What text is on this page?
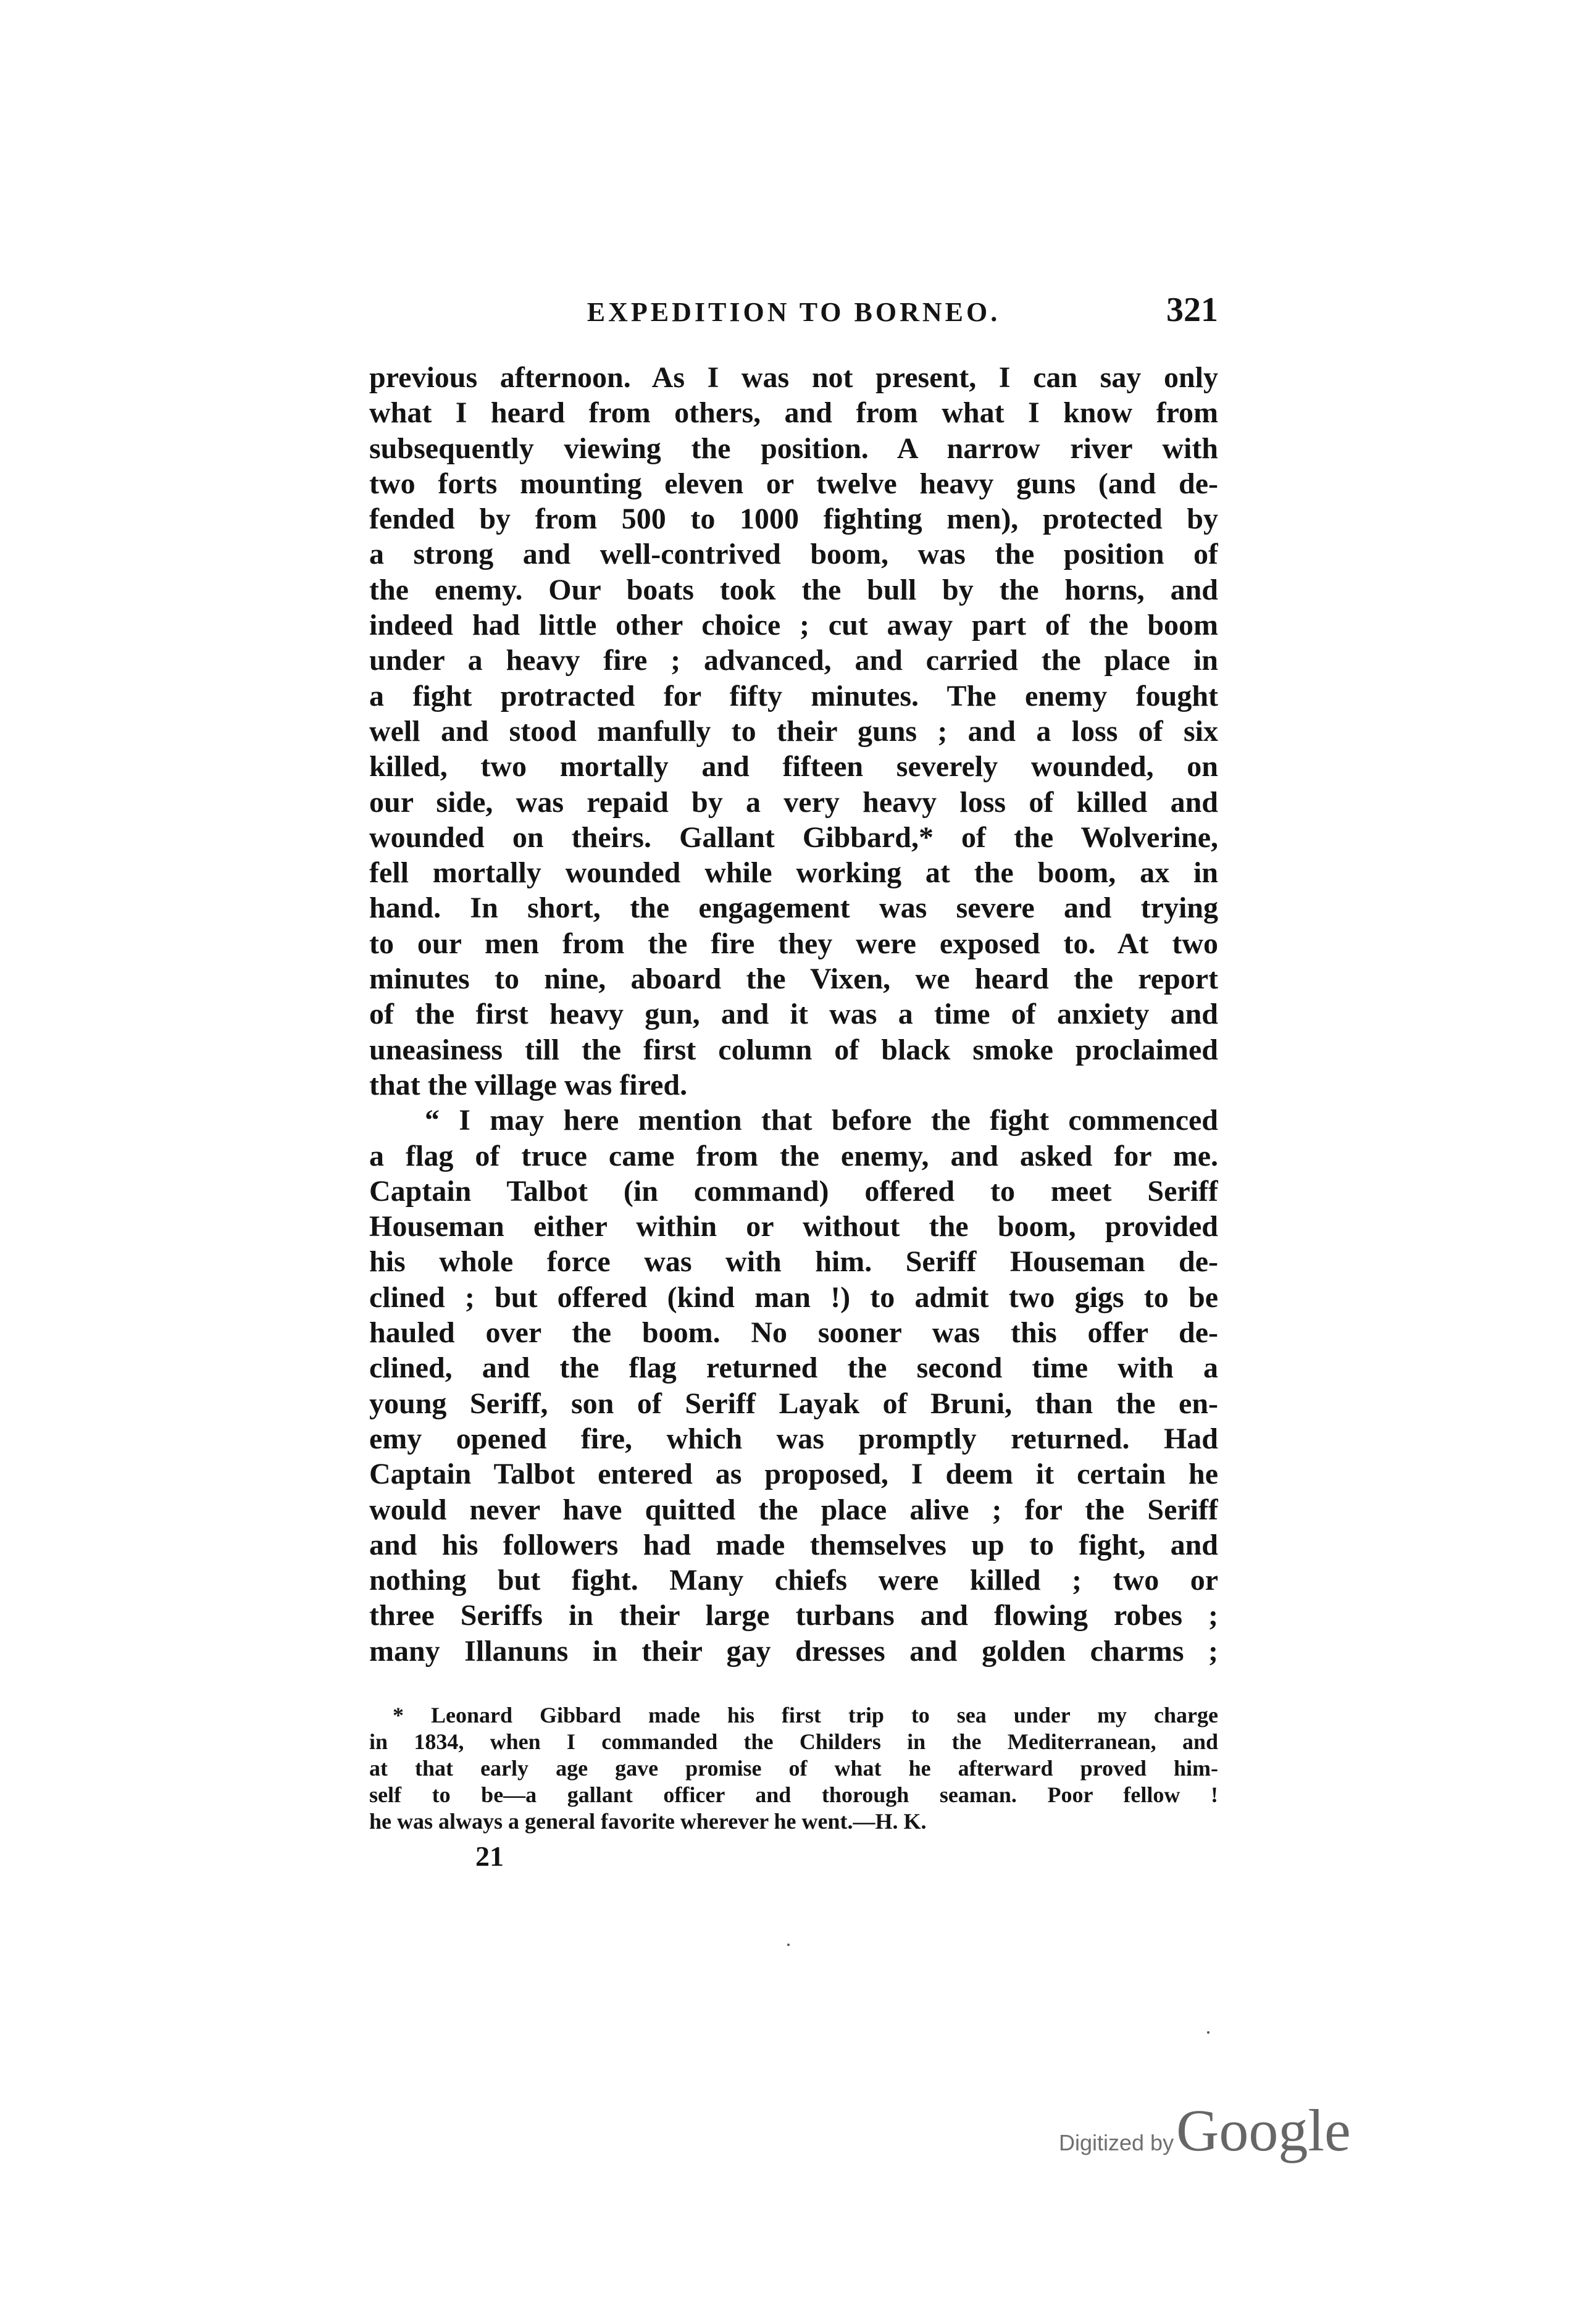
EXPEDITION TO BORNEO.	321
previous afternoon. As I was not present, I can say only
what I heard from others, and from what I know from
subsequently viewing the position. A narrow river with
two forts mounting eleven or twelve heavy guns (and de-
fended by from 500 to 1000 fighting men), protected by
a strong and well-contrived boom, was the position of
the enemy. Our boats took the bull by the horns, and
indeed had little other choice ; cut away part of the boom
under a heavy fire ; advanced, and carried the place in
a fight protracted for fifty minutes. The enemy fought
well and stood manfully to their guns ; and a loss of six
killed, two mortally and fifteen severely wounded, on
our side, was repaid by a very heavy loss of killed and
wounded on theirs. Gallant Gibbard,* of the Wolverine,
fell mortally wounded while working at the boom, ax in
hand. In short, the engagement was severe and trying
to our men from the fire they were exposed to. At two
minutes to nine, aboard the Vixen, we heard the report
of the first heavy gun, and it was a time of anxiety and
uneasiness till the first column of black smoke proclaimed
that the village was fired.
“ I may here mention that before the fight commenced
a flag of truce came from the enemy, and asked for me.
Captain Talbot (in command) offered to meet Seriff
Houseman either within or without the boom, provided
his whole force was with him. Seriff Houseman de-
clined ; but offered (kind man !) to admit two gigs to be
hauled over the boom. No sooner was this offer de-
clined, and the flag returned the second time with a
young Seriff, son of Seriff Layak of Bruni, than the en-
emy opened fire, which was promptly returned. Had
Captain Talbot entered as proposed, I deem it certain he
would never have quitted the place alive ; for the Seriff
and his followers had made themselves up to fight, and
nothing but fight. Many chiefs were killed ; two or
three Seriffs in their large turbans and flowing robes ;
many Illanuns in their gay dresses and golden charms ;
* Leonard Gibbard made his first trip to sea under my charge
in 1834, when I commanded the Childers in the Mediterranean, and
at that early age gave promise of what he afterward proved him-
self to be—a gallant officer and thorough seaman. Poor fellow !
he was always a general favorite wherever he went.—H. K.
21
Digitized by Google
